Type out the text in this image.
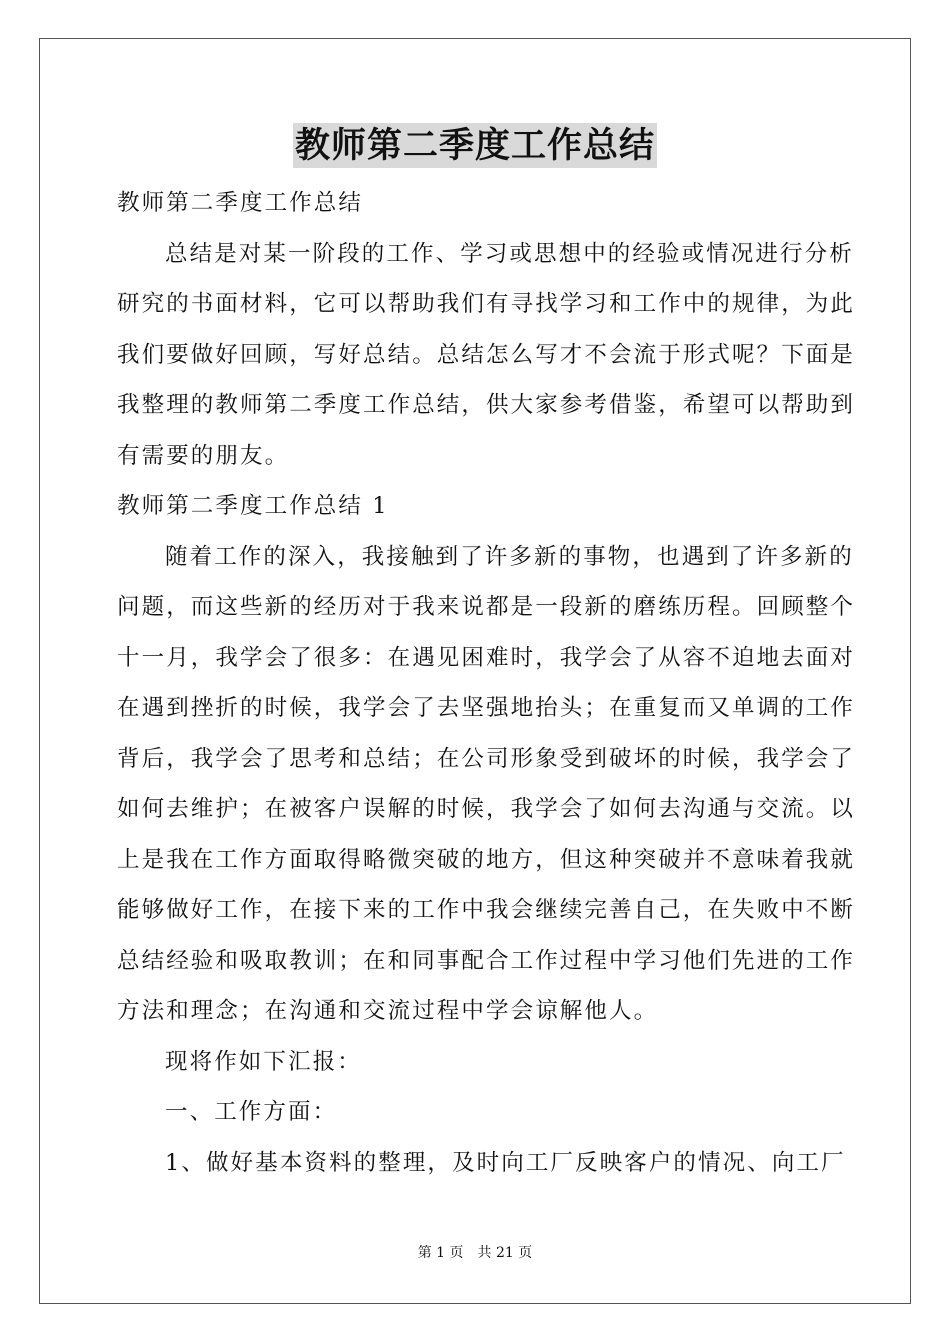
教师第二季度工作总结
教师第二季度工作总结
总结是对某一阶段的工作、学习或思想中的经验或情况进行分析
研究的书面材料，它可以帮助我们有寻找学习和工作中的规律，为此
我们要做好回顾，写好总结。总结怎么写才不会流于形式呢？下面是
我整理的教师第二季度工作总结，供大家参考借鉴，希望可以帮助到
有需要的朋友。
教师第二季度工作总结 1
随着工作的深入，我接触到了许多新的事物，也遇到了许多新的
问题，而这些新的经历对于我来说都是一段新的磨练历程。回顾整个
十一月，我学会了很多：在遇见困难时，我学会了从容不迫地去面对
在遇到挫折的时候，我学会了去坚强地抬头；在重复而又单调的工作
背后，我学会了思考和总结；在公司形象受到破坏的时候，我学会了
如何去维护；在被客户误解的时候，我学会了如何去沟通与交流。以
上是我在工作方面取得略微突破的地方，但这种突破并不意味着我就
能够做好工作，在接下来的工作中我会继续完善自己，在失败中不断
总结经验和吸取教训；在和同事配合工作过程中学习他们先进的工作
方法和理念；在沟通和交流过程中学会谅解他人。
现将作如下汇报：
一、工作方面：
1、做好基本资料的整理，及时向工厂反映客户的情况、向工厂
第 1 页　共 21 页
